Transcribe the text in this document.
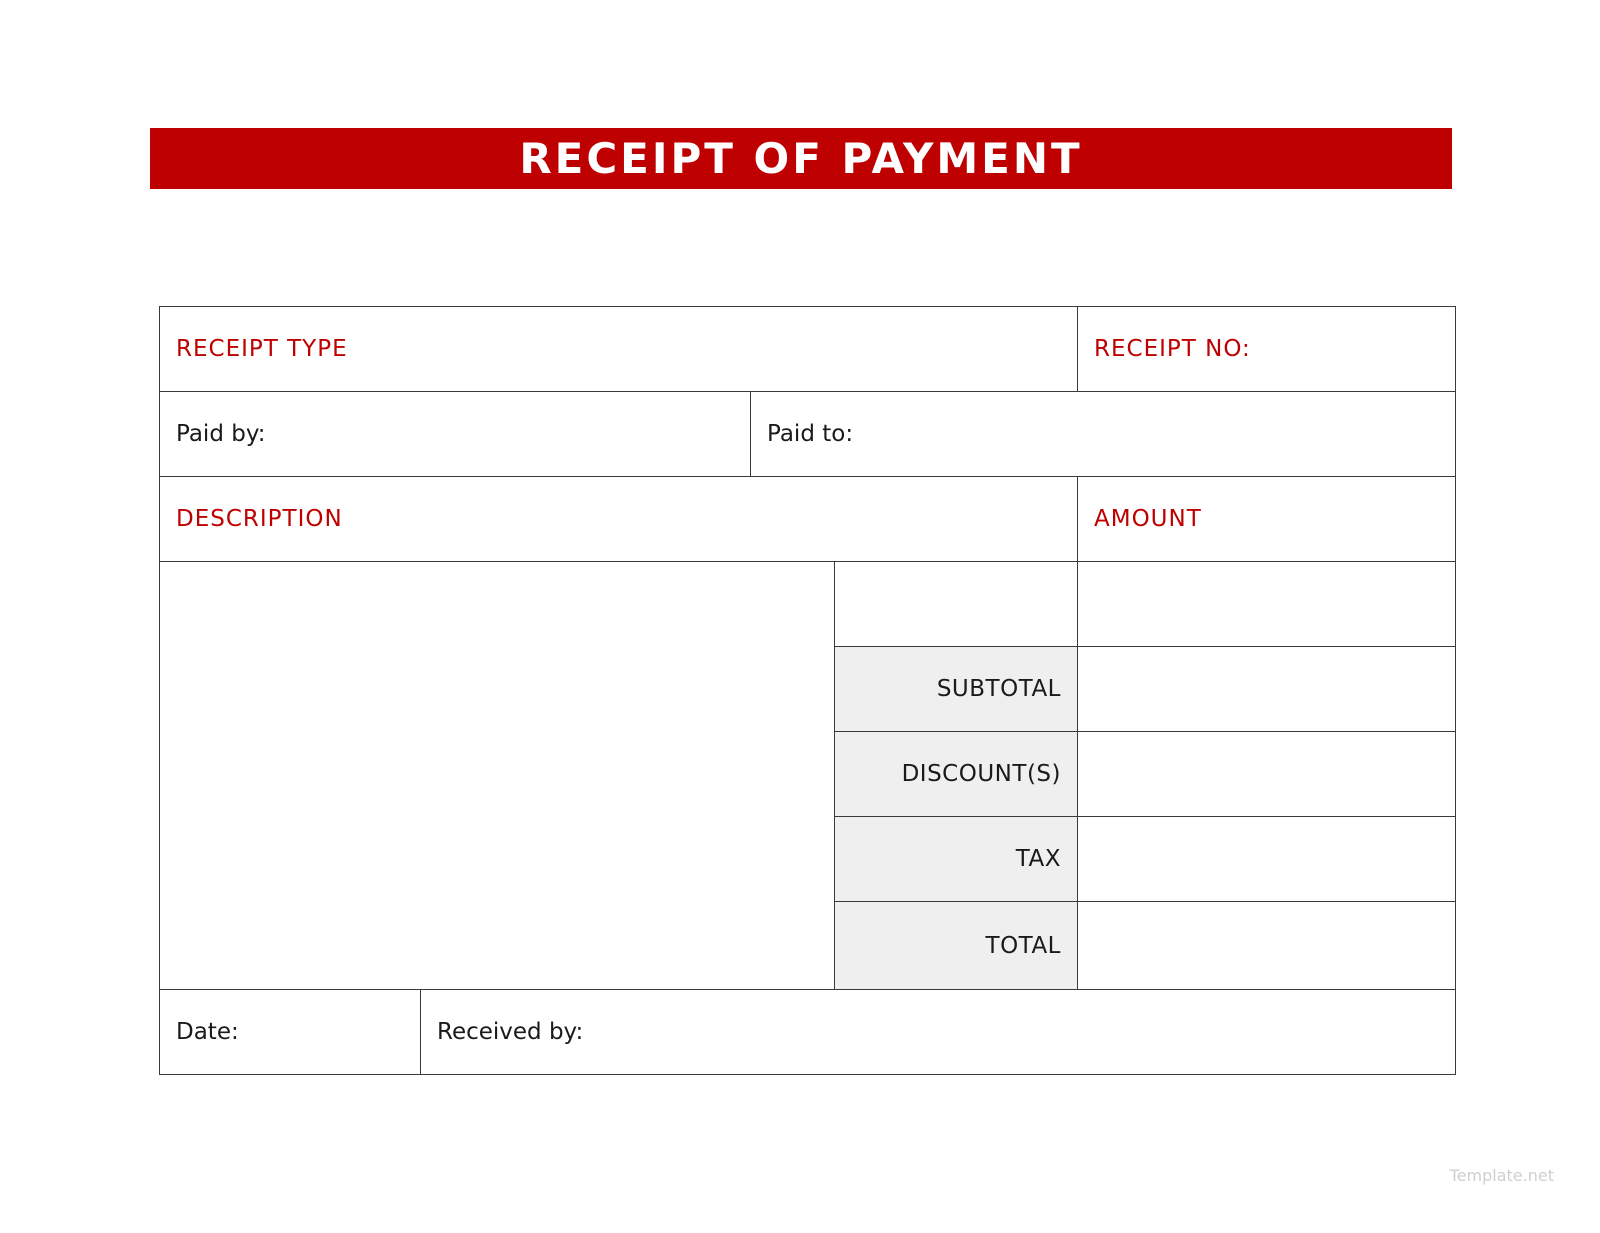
RECEIPT OF PAYMENT
RECEIPT TYPE	RECEIPT NO:
Paid by:	Paid to:
DESCRIPTION	AMOUNT
SUBTOTAL
DISCOUNT(S)
TAX
TOTAL
Date:	Received by:
Template.net
